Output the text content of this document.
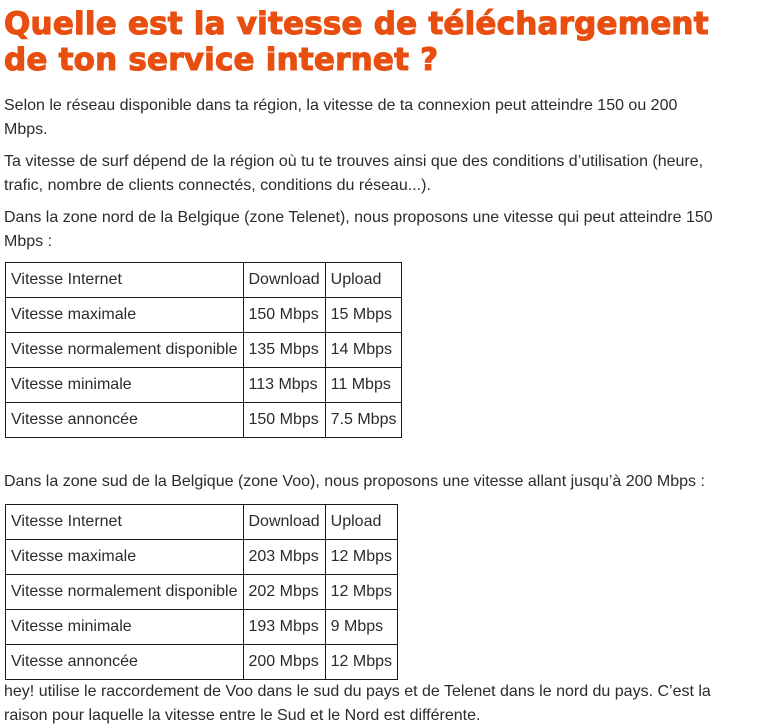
Quelle est la vitesse de téléchargement de ton service internet ?

Selon le réseau disponible dans ta région, la vitesse de ta connexion peut atteindre 150 ou 200 Mbps.

Ta vitesse de surf dépend de la région où tu te trouves ainsi que des conditions d’utilisation (heure, trafic, nombre de clients connectés, conditions du réseau...).

Dans la zone nord de la Belgique (zone Telenet), nous proposons une vitesse qui peut atteindre 150 Mbps :

Vitesse Internet	Download	Upload
Vitesse maximale	150 Mbps	15 Mbps
Vitesse normalement disponible	135 Mbps	14 Mbps
Vitesse minimale	113 Mbps	11 Mbps
Vitesse annoncée	150 Mbps	7.5 Mbps

Dans la zone sud de la Belgique (zone Voo), nous proposons une vitesse allant jusqu’à 200 Mbps :

Vitesse Internet	Download	Upload
Vitesse maximale	203 Mbps	12 Mbps
Vitesse normalement disponible	202 Mbps	12 Mbps
Vitesse minimale	193 Mbps	9 Mbps
Vitesse annoncée	200 Mbps	12 Mbps

hey! utilise le raccordement de Voo dans le sud du pays et de Telenet dans le nord du pays. C’est la raison pour laquelle la vitesse entre le Sud et le Nord est différente.
